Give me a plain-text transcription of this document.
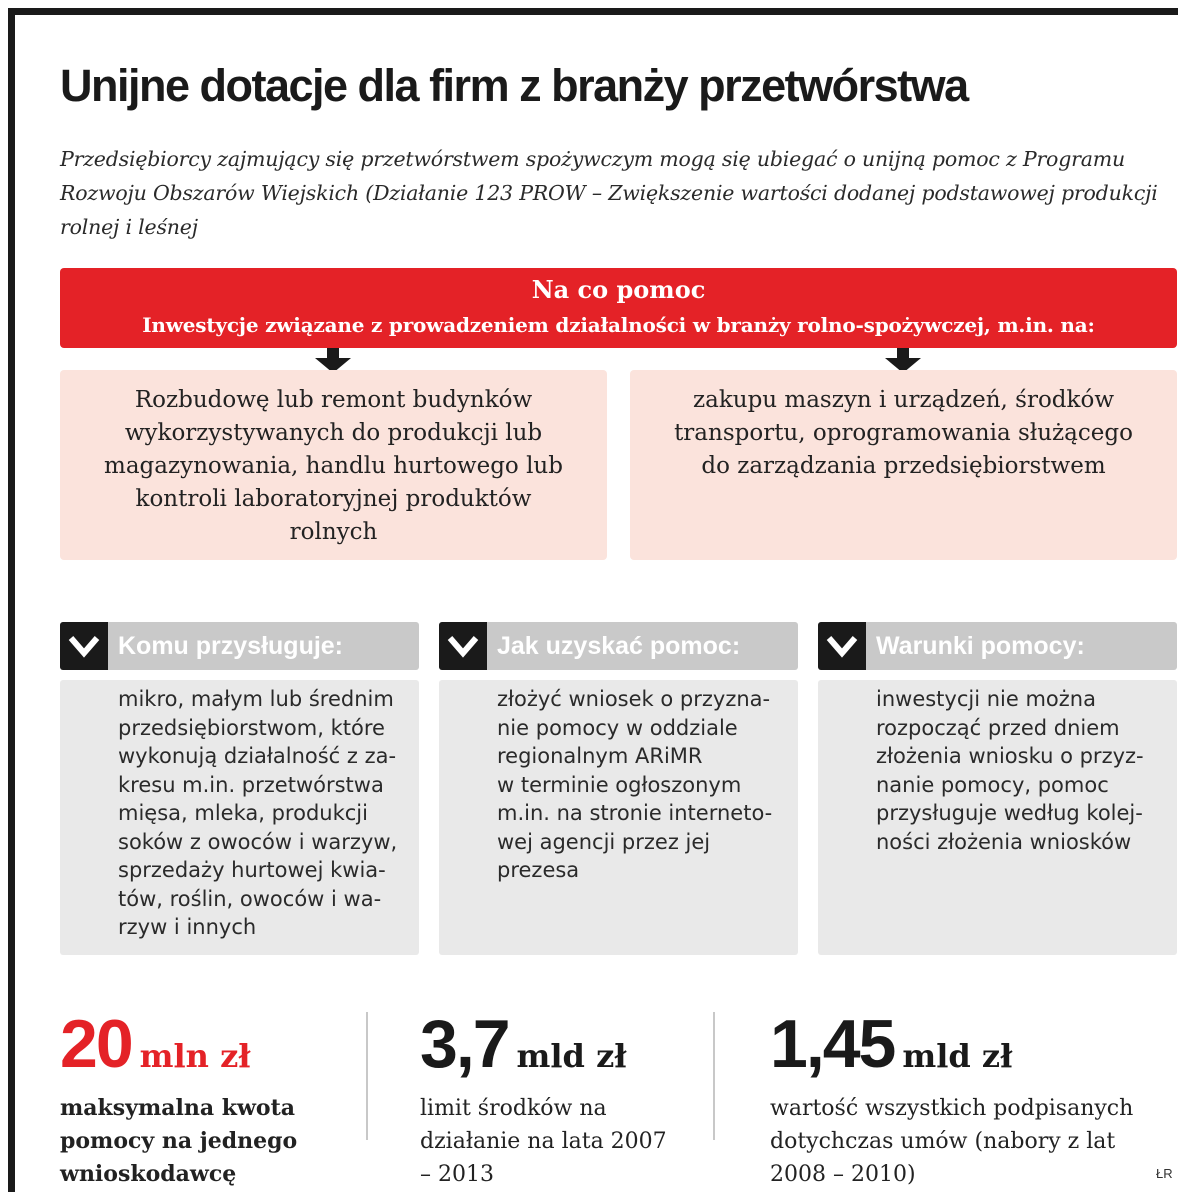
Unijne dotacje dla firm z branży przetwórstwa

Przedsiębiorcy zajmujący się przetwórstwem spożywczym mogą się ubiegać o unijną pomoc z Programu Rozwoju Obszarów Wiejskich (Działanie 123 PROW – Zwiększenie wartości dodanej podstawowej produkcji rolnej i leśnej

Na co pomoc
Inwestycje związane z prowadzeniem działalności w branży rolno-spożywczej, m.in. na:
Rozbudowę lub remont budynków wykorzystywanych do produkcji lub magazynowania, handlu hurtowego lub kontroli laboratoryjnej produktów rolnych
zakupu maszyn i urządzeń, środków transportu, oprogramowania służącego do zarządzania przedsiębiorstwem
Komu przysługuje:
mikro, małym lub średnim
przedsiębiorstwom, które
wykonują działalność z za-
kresu m.in. przetwórstwa
mięsa, mleka, produkcji
soków z owoców i warzyw,
sprzedaży hurtowej kwia-
tów, roślin, owoców i wa-
rzyw i innych
Jak uzyskać pomoc:
złożyć wniosek o przyzna-
nie pomocy w oddziale
regionalnym ARiMR
w terminie ogłoszonym
m.in. na stronie interneto-
wej agencji przez jej
prezesa
Warunki pomocy:
inwestycji nie można
rozpocząć przed dniem
złożenia wniosku o przyz-
nanie pomocy, pomoc
przysługuje według kolej-
ności złożenia wniosków
20 mln zł
maksymalna kwota pomocy na jednego wnioskodawcę
3,7 mld zł
limit środków na działanie na lata 2007 – 2013
1,45 mld zł
wartość wszystkich podpisanych dotychczas umów (nabory z lat 2008 – 2010)	ŁR
